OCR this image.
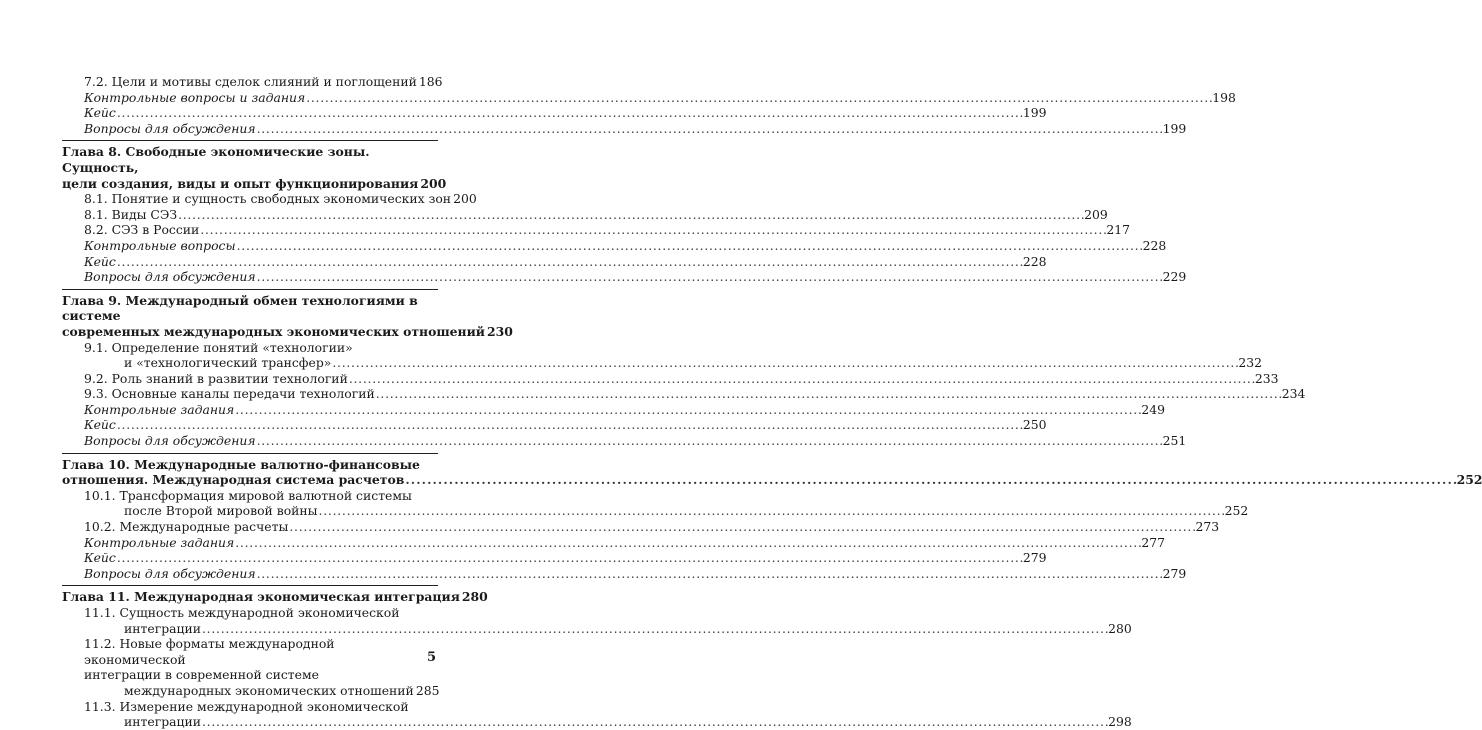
7.2. Цели и мотивы сделок слияний и поглощений 186
Контрольные вопросы и задания . . .	198
Кейс . . .	199
Вопросы для обсуждения . . .	199
Глава 8. Свободные экономические зоны. Сущность,
цели создания, виды и опыт функционирования 200
8.1. Понятие и сущность свободных экономических зон 200
8.1. Виды СЭЗ . . .	209
8.2. СЭЗ в России . . .	217
Контрольные вопросы . . .	228
Кейс . . .	228
Вопросы для обсуждения . . .	229
Глава 9. Международный обмен технологиями в системе
современных международных экономических отношений 230
9.1. Определение понятий «технологии»
и «технологический трансфер» . . .	232
9.2. Роль знаний в развитии технологий . . .	233
9.3. Основные каналы передачи технологий . . .	234
Контрольные задания . . .	249
Кейс . . .	250
Вопросы для обсуждения . . .	251
Глава 10. Международные валютно-финансовые
отношения. Международная система расчетов . . .	252
10.1. Трансформация мировой валютной системы
после Второй мировой войны . . .	252
10.2. Международные расчеты . . .	273
Контрольные задания . . .	277
Кейс . . .	279
Вопросы для обсуждения . . .	279
Глава 11. Международная экономическая интеграция 280
11.1. Сущность международной экономической
интеграции . . .	280
11.2. Новые форматы международной экономической
интеграции в современной системе
международных экономических отношений 285
11.3. Измерение международной экономической
интеграции . . .	298
5
